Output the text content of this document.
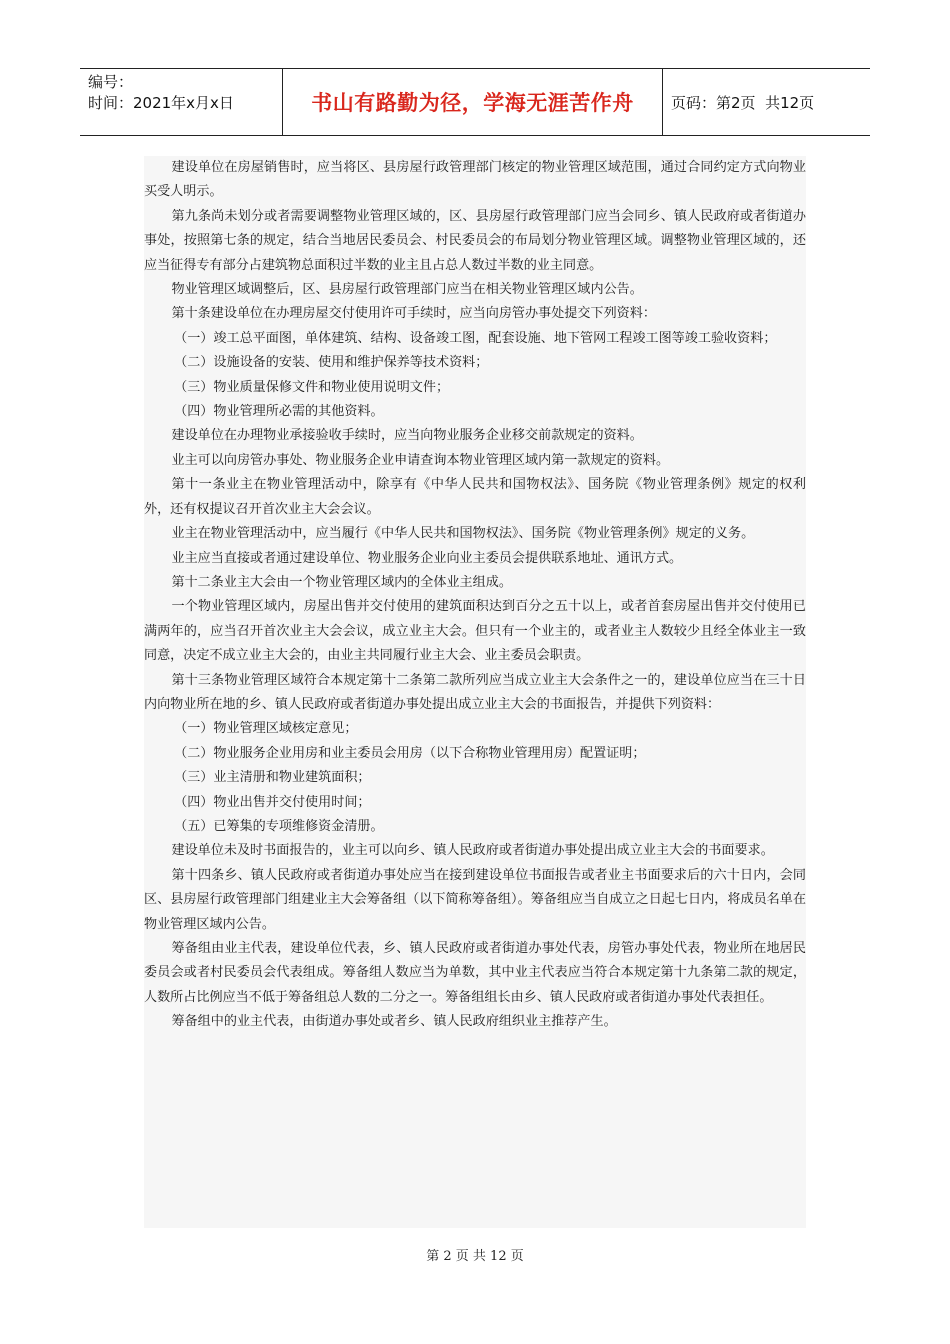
编号：
时间：2021年x月x日	书山有路勤为径，学海无涯苦作舟 页码：第2页  共12页

建设单位在房屋销售时，应当将区、县房屋行政管理部门核定的物业管理区域范围，通过合同约定方式向物业买受人明示。

第九条尚未划分或者需要调整物业管理区域的，区、县房屋行政管理部门应当会同乡、镇人民政府或者街道办事处，按照第七条的规定，结合当地居民委员会、村民委员会的布局划分物业管理区域。调整物业管理区域的，还应当征得专有部分占建筑物总面积过半数的业主且占总人数过半数的业主同意。

物业管理区域调整后，区、县房屋行政管理部门应当在相关物业管理区域内公告。

第十条建设单位在办理房屋交付使用许可手续时，应当向房管办事处提交下列资料：

（一）竣工总平面图，单体建筑、结构、设备竣工图，配套设施、地下管网工程竣工图等竣工验收资料；

（二）设施设备的安装、使用和维护保养等技术资料；

（三）物业质量保修文件和物业使用说明文件；

（四）物业管理所必需的其他资料。

建设单位在办理物业承接验收手续时，应当向物业服务企业移交前款规定的资料。

业主可以向房管办事处、物业服务企业申请查询本物业管理区域内第一款规定的资料。

第十一条业主在物业管理活动中，除享有《中华人民共和国物权法》、国务院《物业管理条例》规定的权利外，还有权提议召开首次业主大会会议。

业主在物业管理活动中，应当履行《中华人民共和国物权法》、国务院《物业管理条例》规定的义务。

业主应当直接或者通过建设单位、物业服务企业向业主委员会提供联系地址、通讯方式。

第十二条业主大会由一个物业管理区域内的全体业主组成。

一个物业管理区域内，房屋出售并交付使用的建筑面积达到百分之五十以上，或者首套房屋出售并交付使用已满两年的，应当召开首次业主大会会议，成立业主大会。但只有一个业主的，或者业主人数较少且经全体业主一致同意，决定不成立业主大会的，由业主共同履行业主大会、业主委员会职责。

第十三条物业管理区域符合本规定第十二条第二款所列应当成立业主大会条件之一的，建设单位应当在三十日内向物业所在地的乡、镇人民政府或者街道办事处提出成立业主大会的书面报告，并提供下列资料：

（一）物业管理区域核定意见；

（二）物业服务企业用房和业主委员会用房（以下合称物业管理用房）配置证明；

（三）业主清册和物业建筑面积；

（四）物业出售并交付使用时间；

（五）已筹集的专项维修资金清册。

建设单位未及时书面报告的，业主可以向乡、镇人民政府或者街道办事处提出成立业主大会的书面要求。

第十四条乡、镇人民政府或者街道办事处应当在接到建设单位书面报告或者业主书面要求后的六十日内，会同区、县房屋行政管理部门组建业主大会筹备组（以下简称筹备组）。筹备组应当自成立之日起七日内，将成员名单在物业管理区域内公告。

筹备组由业主代表，建设单位代表，乡、镇人民政府或者街道办事处代表，房管办事处代表，物业所在地居民委员会或者村民委员会代表组成。筹备组人数应当为单数，其中业主代表应当符合本规定第十九条第二款的规定，人数所占比例应当不低于筹备组总人数的二分之一。筹备组组长由乡、镇人民政府或者街道办事处代表担任。

筹备组中的业主代表，由街道办事处或者乡、镇人民政府组织业主推荐产生。

第 2 页 共 12 页
